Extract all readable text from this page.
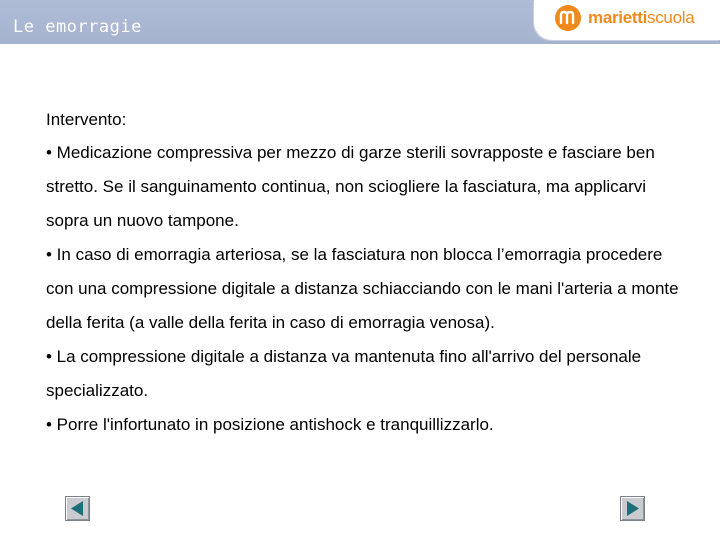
Le emorragie	mariettiscuola
Intervento:

• Medicazione compressiva per mezzo di garze sterili sovrapposte e fasciare ben stretto. Se il sanguinamento continua, non sciogliere la fasciatura, ma applicarvi sopra un nuovo tampone.

• In caso di emorragia arteriosa, se la fasciatura non blocca l’emorragia procedere con una compressione digitale a distanza schiacciando con le mani l'arteria a monte della ferita (a valle della ferita in caso di emorragia venosa).

• La compressione digitale a distanza va mantenuta fino all'arrivo del personale specializzato.

• Porre l'infortunato in posizione antishock e tranquillizzarlo.
